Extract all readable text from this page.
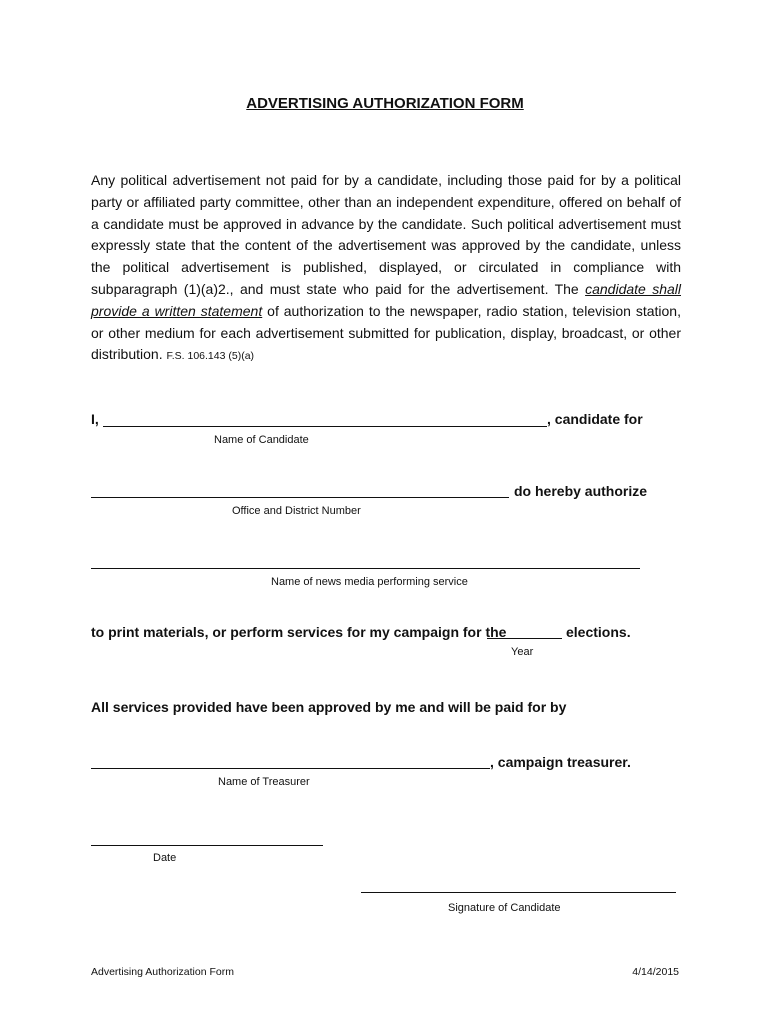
ADVERTISING AUTHORIZATION FORM
Any political advertisement not paid for by a candidate, including those paid for by a political party or affiliated party committee, other than an independent expenditure, offered on behalf of a candidate must be approved in advance by the candidate. Such political advertisement must expressly state that the content of the advertisement was approved by the candidate, unless the political advertisement is published, displayed, or circulated in compliance with subparagraph (1)(a)2., and must state who paid for the advertisement. The candidate shall provide a written statement of authorization to the newspaper, radio station, television station, or other medium for each advertisement submitted for publication, display, broadcast, or other distribution. F.S. 106.143 (5)(a)
I,	, candidate for
Name of Candidate
do hereby authorize
Office and District Number
Name of news media performing service
to print materials, or perform services for my campaign for the	elections.
Year
All services provided have been approved by me and will be paid for by
, campaign treasurer.
Name of Treasurer
Date
Signature of Candidate
Advertising Authorization Form	4/14/2015
